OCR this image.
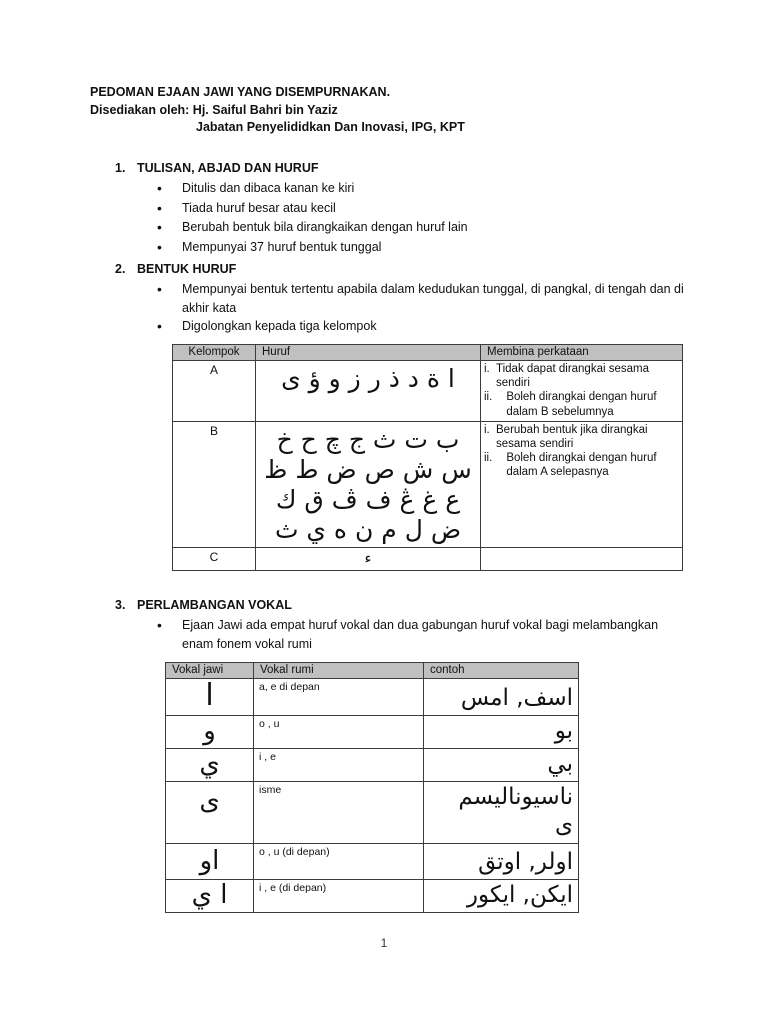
PEDOMAN EJAAN JAWI YANG DISEMPURNAKAN.
Disediakan oleh: Hj. Saiful Bahri bin Yaziz
Jabatan Penyelididkan Dan Inovasi, IPG, KPT
1. TULISAN, ABJAD DAN HURUF
•
Ditulis dan dibaca kanan ke kiri
•
Tiada huruf besar atau kecil
•
Berubah bentuk bila dirangkaikan dengan huruf lain
•
Mempunyai 37 huruf bentuk tunggal
2. BENTUK HURUF
•
Mempunyai bentuk tertentu apabila dalam kedudukan tunggal, di pangkal, di tengah dan di akhir kata
•
Digolongkan kepada tiga kelompok
Kelompok	Huruf	Membina perkataan
A	ا ة د ذ ر ز و ؤ ى	i. Tidak dapat dirangkai sesama sendiri
ii. Boleh dirangkai dengan huruf dalam B sebelumnya

B	ب ت ث ج چ ح خ
س ش ص ض ط ظ
ع غ ڠ ف ڤ ق ك
ض ل م ن ه ي ث

i. Berubah bentuk jika dirangkai sesama sendiri
ii.	Boleh dirangkai dengan huruf dalam A selepasnya

C	ء	

3. PERLAMBANGAN VOKAL
•
Ejaan Jawi ada empat huruf vokal dan dua gabungan huruf vokal bagi melambangkan enam fonem vokal rumi
Vokal jawi	Vokal rumi	contoh
ا	a, e di depan	اسف, امس

و	o , u	بو

ي	i , e	بي

ى	isme	ناسيوناليسم
ى

او	o , u (di depan)	اولر, اوتق

ا ي	i , e (di depan)	ايكن, ايكور
1
